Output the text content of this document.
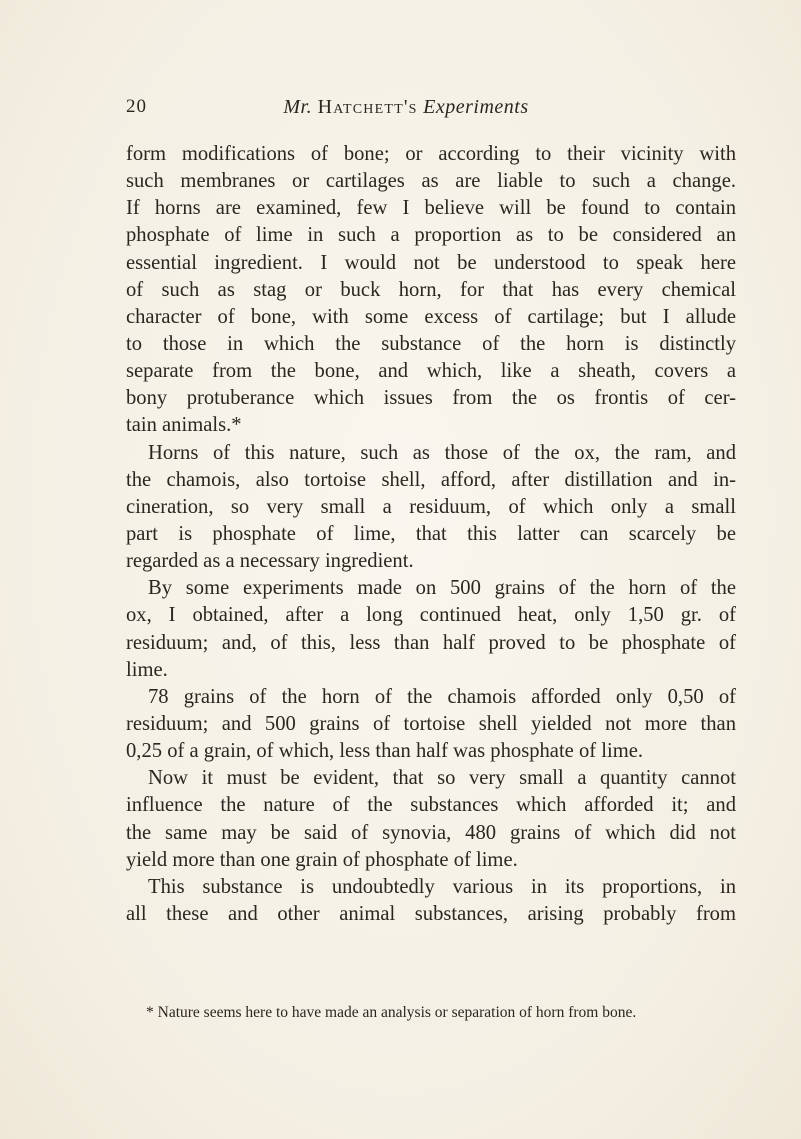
20	Mr. Hatchett's Experiments
form modifications of bone; or according to their vicinity with
such membranes or cartilages as are liable to such a change.
If horns are examined, few I believe will be found to contain
phosphate of lime in such a proportion as to be considered an
essential ingredient. I would not be understood to speak here
of such as stag or buck horn, for that has every chemical
character of bone, with some excess of cartilage; but I allude
to those in which the substance of the horn is distinctly
separate from the bone, and which, like a sheath, covers a
bony protuberance which issues from the os frontis of cer-
tain animals.*
Horns of this nature, such as those of the ox, the ram, and
the chamois, also tortoise shell, afford, after distillation and in-
cineration, so very small a residuum, of which only a small
part is phosphate of lime, that this latter can scarcely be
regarded as a necessary ingredient.
By some experiments made on 500 grains of the horn of the
ox, I obtained, after a long continued heat, only 1,50 gr. of
residuum; and, of this, less than half proved to be phosphate of
lime.
78 grains of the horn of the chamois afforded only 0,50 of
residuum; and 500 grains of tortoise shell yielded not more than
0,25 of a grain, of which, less than half was phosphate of lime.
Now it must be evident, that so very small a quantity cannot
influence the nature of the substances which afforded it; and
the same may be said of synovia, 480 grains of which did not
yield more than one grain of phosphate of lime.
This substance is undoubtedly various in its proportions, in
all these and other animal substances, arising probably from
* Nature seems here to have made an analysis or separation of horn from bone.
